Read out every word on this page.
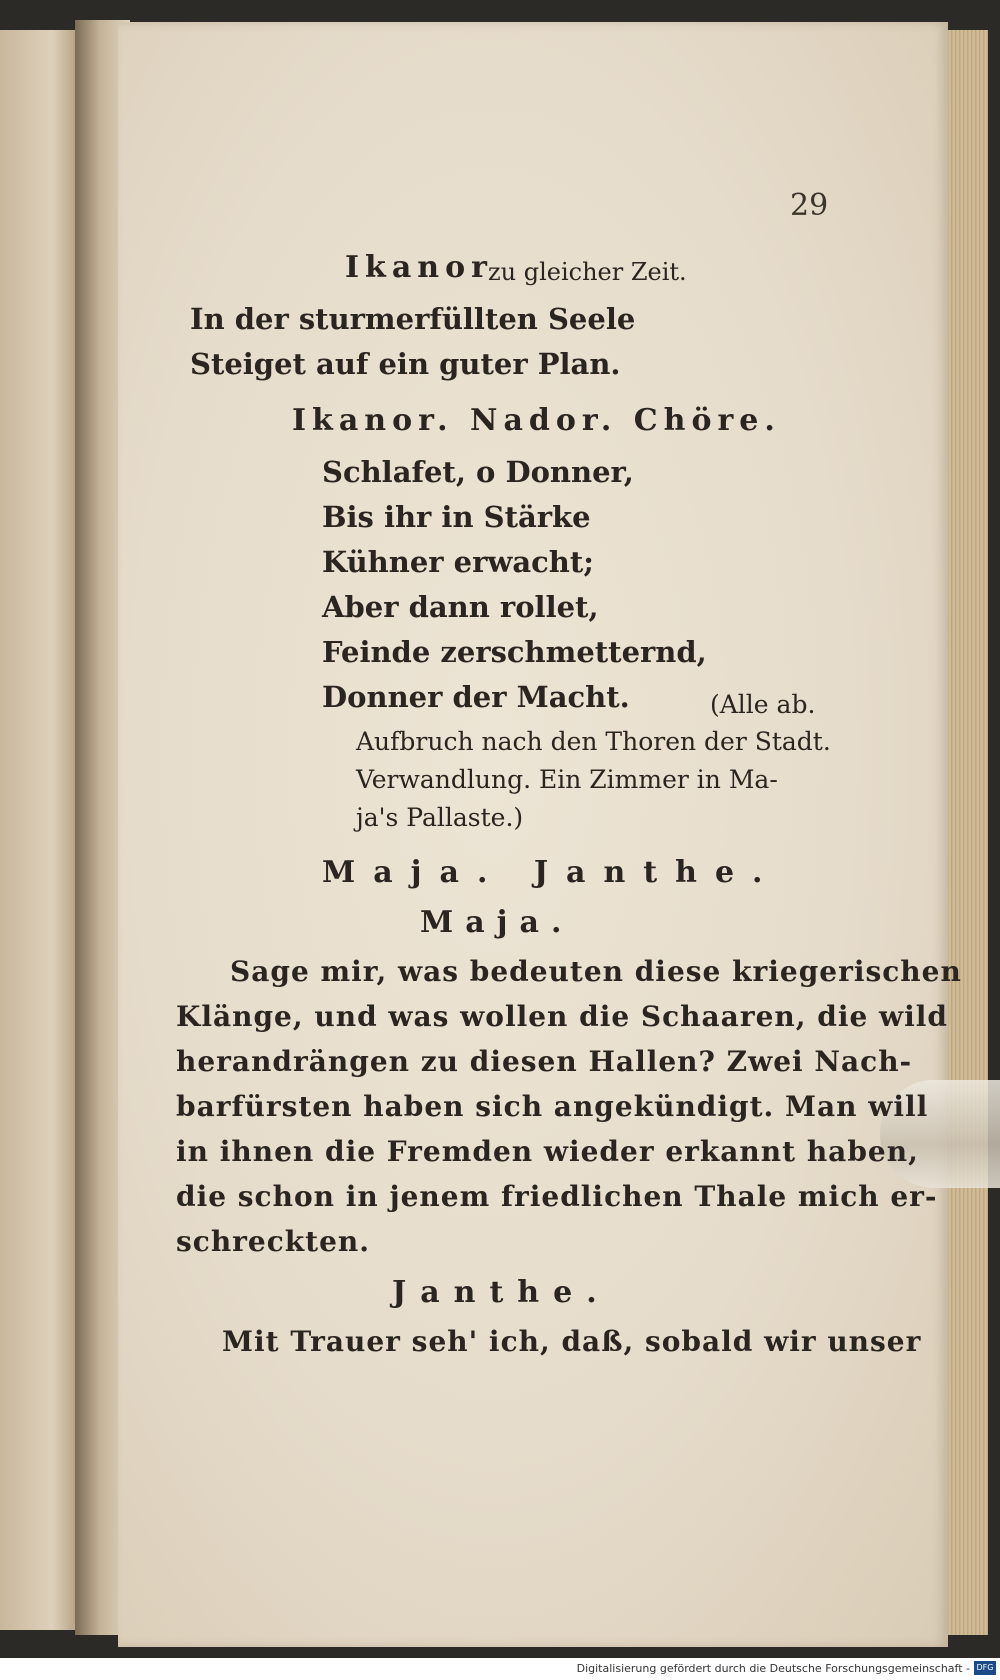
29
Ikanor
zu gleicher Zeit.
In der sturmerfüllten Seele
Steiget auf ein guter Plan.
Ikanor. Nador. Chöre.
Schlafet, o Donner,
Bis ihr in Stärke
Kühner erwacht;
Aber dann rollet,
Feinde zerschmetternd,
Donner der Macht.	(Alle ab.
Aufbruch nach den Thoren der Stadt.
Verwandlung. Ein Zimmer in Ma-
ja's Pallaste.)
Maja. Janthe.
Maja.
Sage mir, was bedeuten diese kriegerischen
Klänge, und was wollen die Schaaren, die wild
herandrängen zu diesen Hallen? Zwei Nach-
barfürsten haben sich angekündigt. Man will
in ihnen die Fremden wieder erkannt haben,
die schon in jenem friedlichen Thale mich er-
schreckten.
Janthe.
Mit Trauer seh' ich, daß, sobald wir unser
Digitalisierung gefördert durch die Deutsche Forschungsgemeinschaft - DFG
